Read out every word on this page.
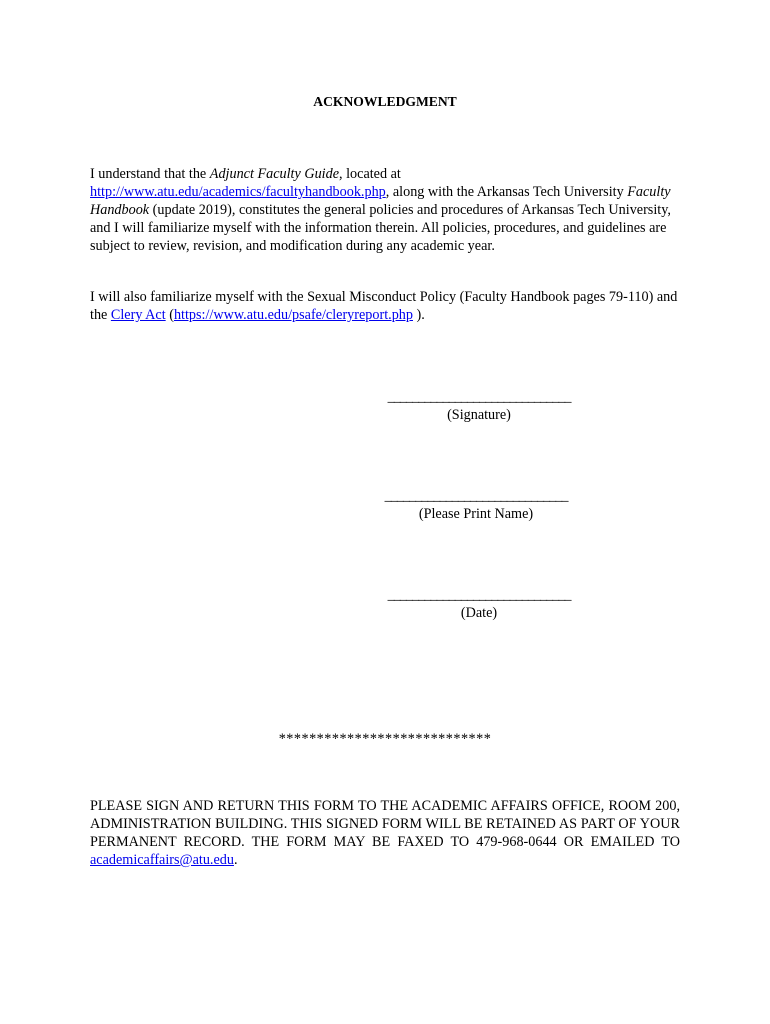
ACKNOWLEDGMENT

I understand that the Adjunct Faculty Guide, located at
http://www.atu.edu/academics/facultyhandbook.php, along with the Arkansas Tech University Faculty Handbook (update 2019), constitutes the general policies and procedures of Arkansas Tech University, and I will familiarize myself with the information therein. All policies, procedures, and guidelines are subject to review, revision, and modification during any academic year.

I will also familiarize myself with the Sexual Misconduct Policy (Faculty Handbook pages 79-110) and the Clery Act (https://www.atu.edu/psafe/cleryreport.php ).

______________________________
(Signature)
______________________________
(Please Print Name)
______________________________
(Date)
****************************

PLEASE SIGN AND RETURN THIS FORM TO THE ACADEMIC AFFAIRS OFFICE, ROOM 200, ADMINISTRATION BUILDING. THIS SIGNED FORM WILL BE RETAINED AS PART OF YOUR PERMANENT RECORD. THE FORM MAY BE FAXED TO 479-968-0644 OR EMAILED TO academicaffairs@atu.edu.
